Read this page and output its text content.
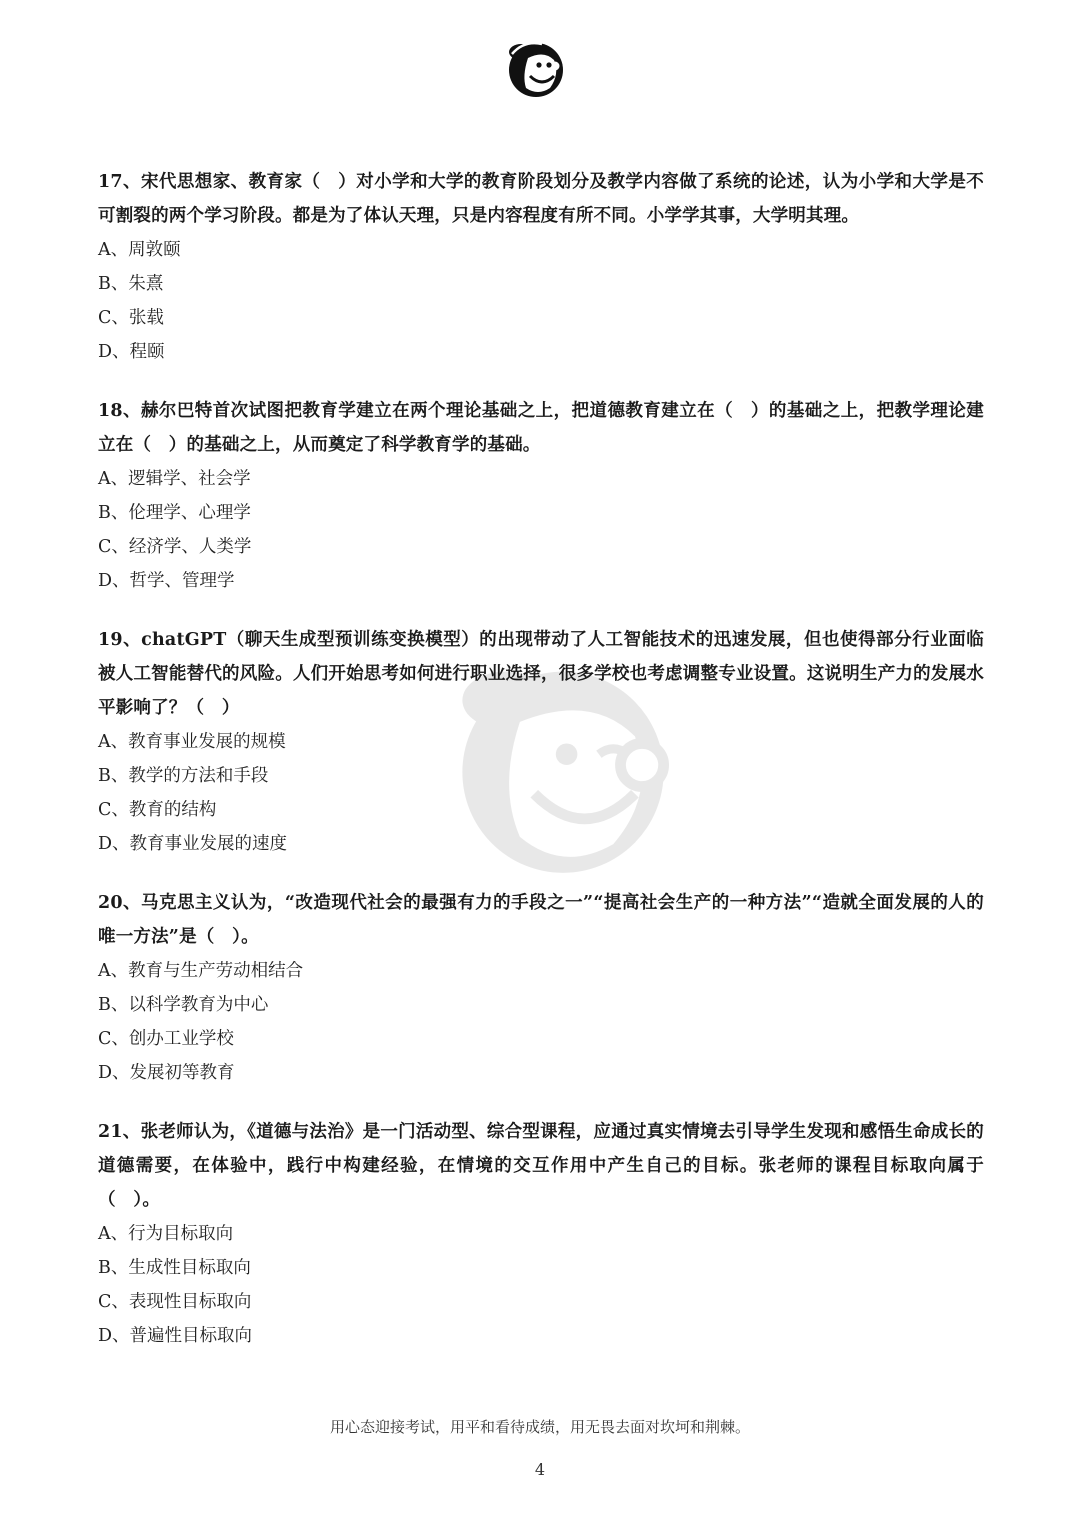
17、宋代思想家、教育家（　）对小学和大学的教育阶段划分及教学内容做了系统的论述，认为小学和大学是不可割裂的两个学习阶段。都是为了体认天理，只是内容程度有所不同。小学学其事，大学明其理。
A、周敦颐
B、朱熹
C、张载
D、程颐
18、赫尔巴特首次试图把教育学建立在两个理论基础之上，把道德教育建立在（　）的基础之上，把教学理论建立在（　）的基础之上，从而奠定了科学教育学的基础。
A、逻辑学、社会学
B、伦理学、心理学
C、经济学、人类学
D、哲学、管理学
19、chatGPT（聊天生成型预训练变换模型）的出现带动了人工智能技术的迅速发展，但也使得部分行业面临被人工智能替代的风险。人们开始思考如何进行职业选择，很多学校也考虑调整专业设置。这说明生产力的发展水平影响了？（　）
A、教育事业发展的规模
B、教学的方法和手段
C、教育的结构
D、教育事业发展的速度
20、马克思主义认为，“改造现代社会的最强有力的手段之一”“提高社会生产的一种方法”“造就全面发展的人的唯一方法”是（　）。
A、教育与生产劳动相结合
B、以科学教育为中心
C、创办工业学校
D、发展初等教育
21、张老师认为，《道德与法治》是一门活动型、综合型课程，应通过真实情境去引导学生发现和感悟生命成长的道德需要，在体验中，践行中构建经验，在情境的交互作用中产生自己的目标。张老师的课程目标取向属于（　）。
A、行为目标取向
B、生成性目标取向
C、表现性目标取向
D、普遍性目标取向
用心态迎接考试，用平和看待成绩，用无畏去面对坎坷和荆棘。
4
